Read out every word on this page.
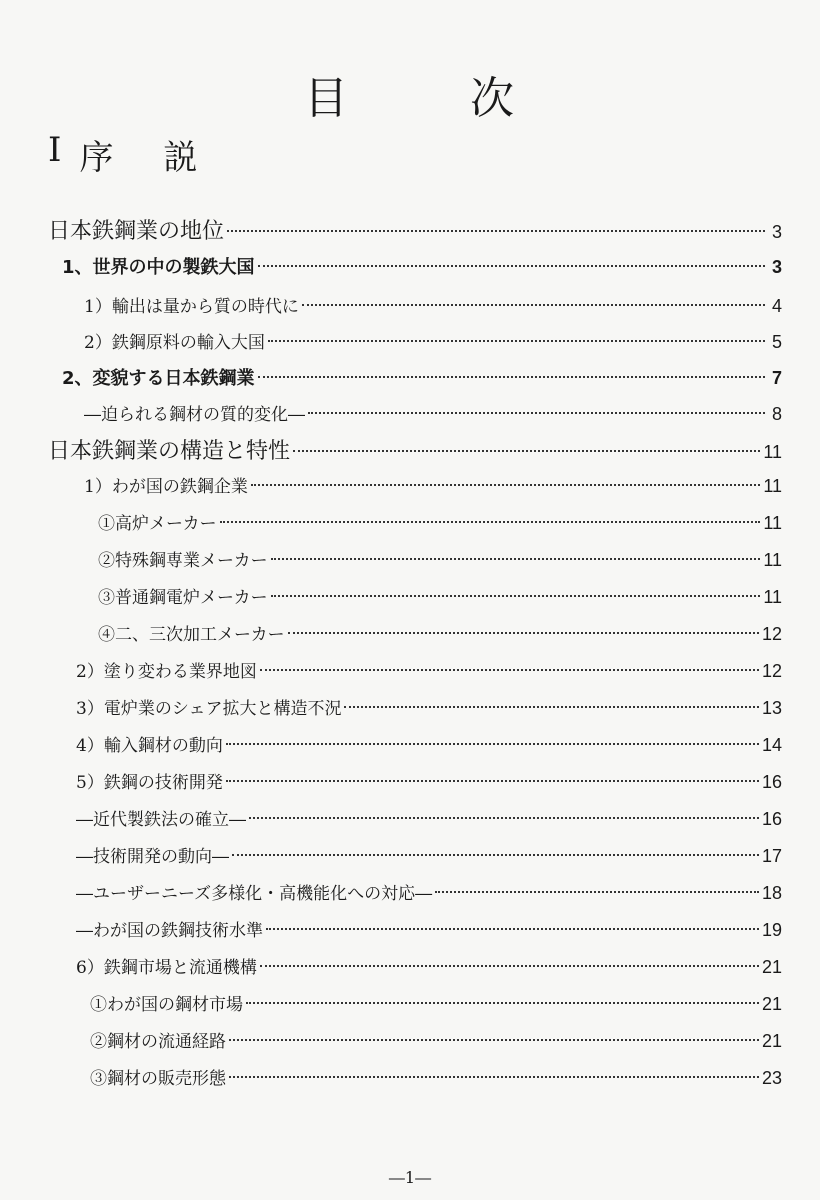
目	次
I 序説
日本鉄鋼業の地位	3
1、世界の中の製鉄大国	3
1）輸出は量から質の時代に	4
2）鉄鋼原料の輸入大国	5
2、変貌する日本鉄鋼業	7
―迫られる鋼材の質的変化―	8
日本鉄鋼業の構造と特性	11
1）わが国の鉄鋼企業	11
①高炉メーカー	11
②特殊鋼専業メーカー	11
③普通鋼電炉メーカー	11
④二、三次加工メーカー	12
2）塗り変わる業界地図	12
3）電炉業のシェア拡大と構造不況	13
4）輸入鋼材の動向	14
5）鉄鋼の技術開発	16
―近代製鉄法の確立―	16
―技術開発の動向―	17
―ユーザーニーズ多様化・高機能化への対応―	18
―わが国の鉄鋼技術水準	19
6）鉄鋼市場と流通機構	21
①わが国の鋼材市場	21
②鋼材の流通経路	21
③鋼材の販売形態	23
―1―
